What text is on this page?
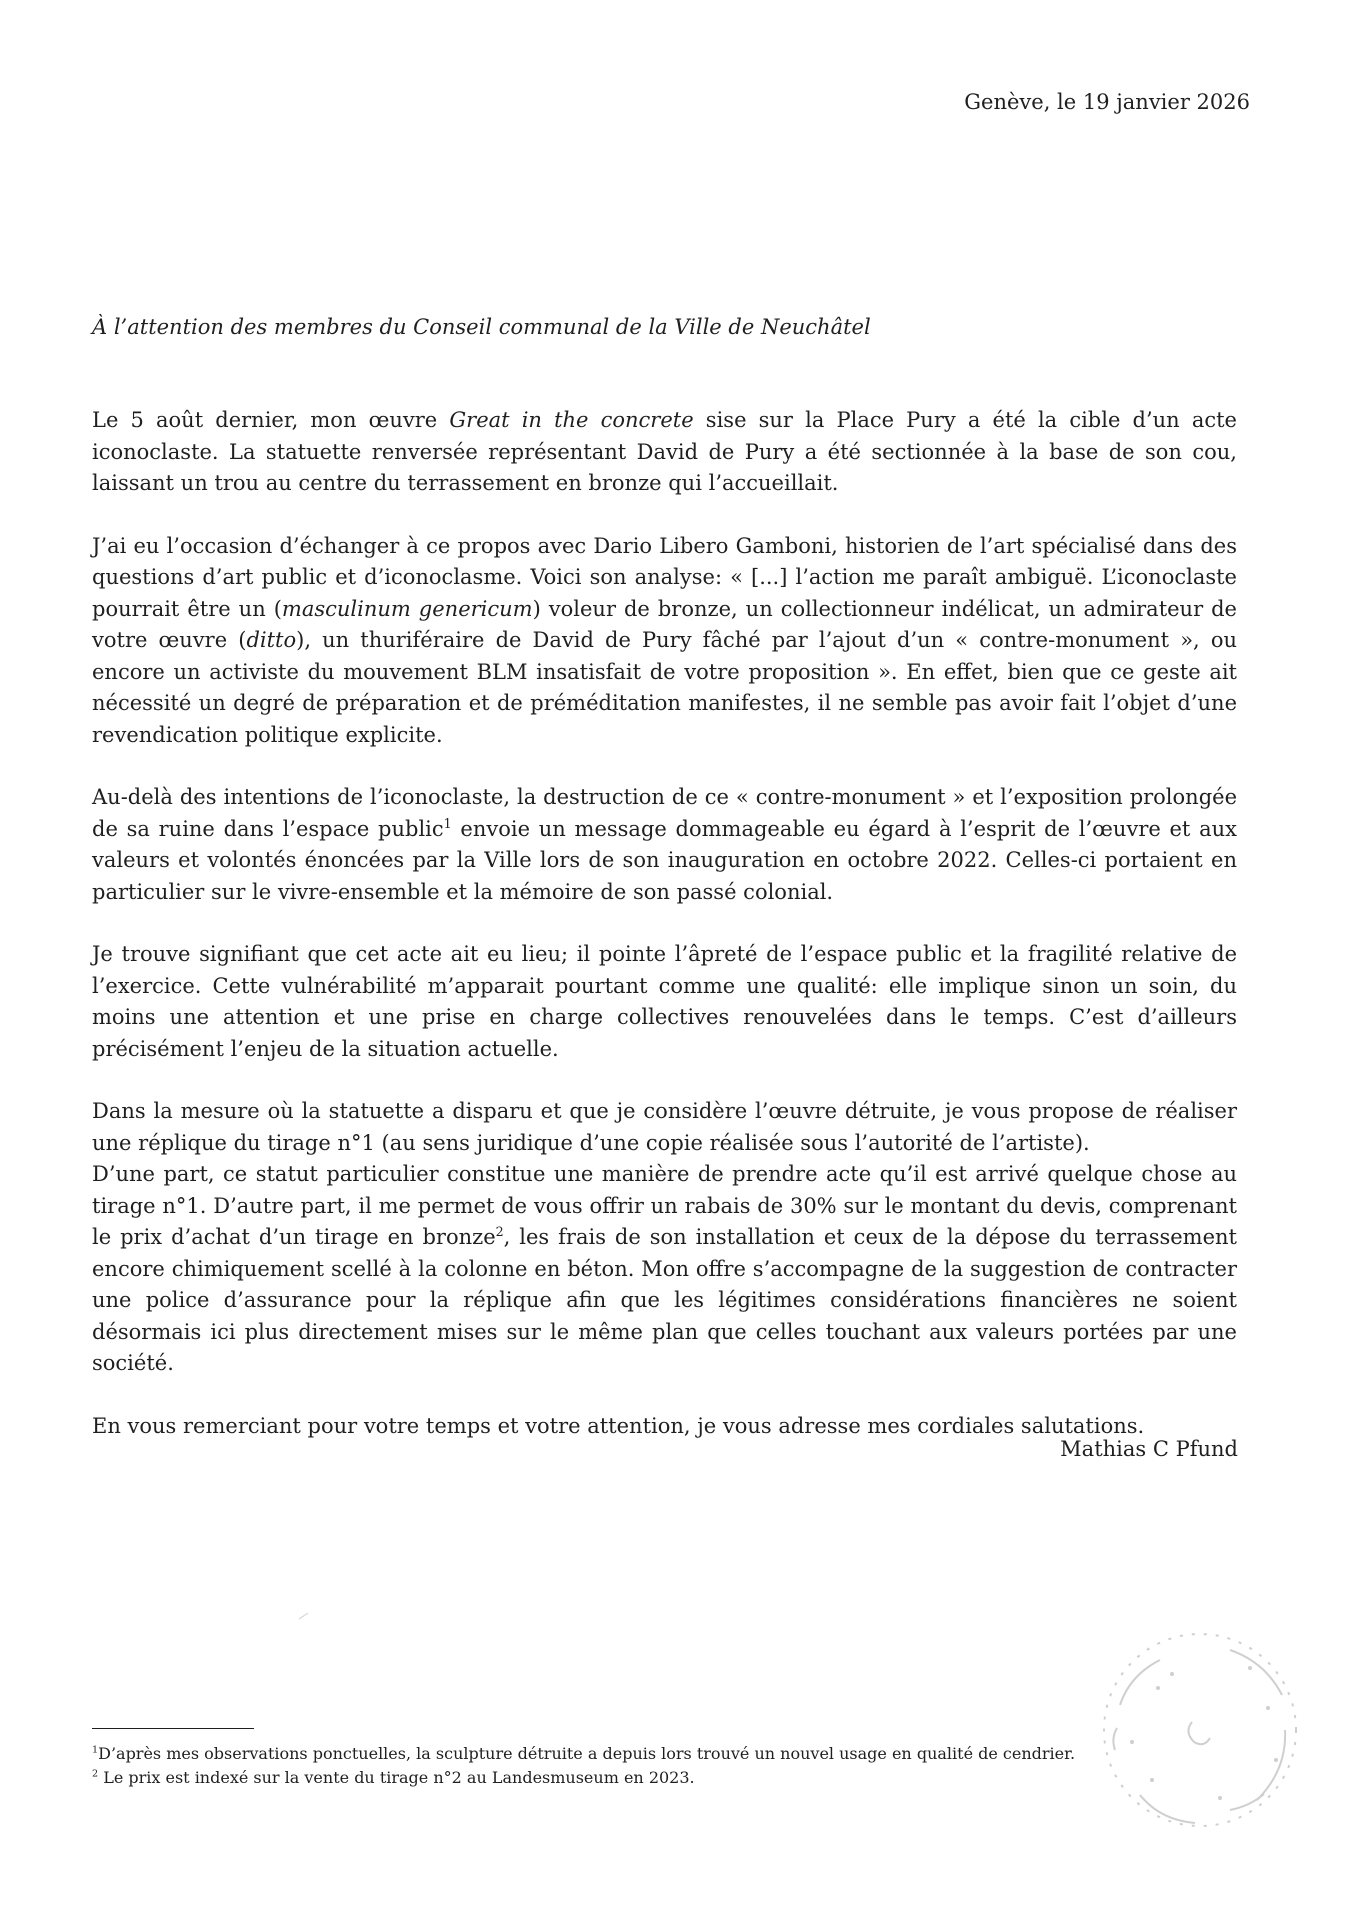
Genève, le 19 janvier 2026
À l’attention des membres du Conseil communal de la Ville de Neuchâtel

Le 5 août dernier, mon œuvre Great in the concrete sise sur la Place Pury a été la cible d’un acte iconoclaste. La statuette renversée représentant David de Pury a été sectionnée à la base de son cou, laissant un trou au centre du terrassement en bronze qui l’accueillait.

J’ai eu l’occasion d’échanger à ce propos avec Dario Libero Gamboni, historien de l’art spécialisé dans des questions d’art public et d’iconoclasme. Voici son analyse: « [...] l’action me paraît ambiguë. L’iconoclaste pourrait être un (masculinum genericum) voleur de bronze, un collectionneur indélicat, un admirateur de votre œuvre (ditto), un thuriféraire de David de Pury fâché par l’ajout d’un « contre-monument », ou encore un activiste du mouvement BLM insatisfait de votre proposition ». En effet, bien que ce geste ait nécessité un degré de préparation et de préméditation manifestes, il ne semble pas avoir fait l’objet d’une revendication politique explicite.

Au-delà des intentions de l’iconoclaste, la destruction de ce « contre-monument » et l’exposition prolongée de sa ruine dans l’espace public$^1$ envoie un message dommageable eu égard à l’esprit de l’œuvre et aux valeurs et volontés énoncées par la Ville lors de son inauguration en octobre 2022. Celles-ci portaient en particulier sur le vivre-ensemble et la mémoire de son passé colonial.

Je trouve signifiant que cet acte ait eu lieu; il pointe l’âpreté de l’espace public et la fragilité relative de l’exercice. Cette vulnérabilité m’apparait pourtant comme une qualité: elle implique sinon un soin, du moins une attention et une prise en charge collectives renouvelées dans le temps. C’est d’ailleurs précisément l’enjeu de la situation actuelle.

Dans la mesure où la statuette a disparu et que je considère l’œuvre détruite, je vous propose de réaliser une réplique du tirage n°1 (au sens juridique d’une copie réalisée sous l’autorité de l’artiste).

D’une part, ce statut particulier constitue une manière de prendre acte qu’il est arrivé quelque chose au tirage n°1. D’autre part, il me permet de vous offrir un rabais de 30% sur le montant du devis, comprenant le prix d’achat d’un tirage en bronze$^2$, les frais de son installation et ceux de la dépose du terrassement encore chimiquement scellé à la colonne en béton. Mon offre s’accompagne de la suggestion de contracter une police d’assurance pour la réplique afin que les légitimes considérations financières ne soient désormais ici plus directement mises sur le même plan que celles touchant aux valeurs portées par une société.

En vous remerciant pour votre temps et votre attention, je vous adresse mes cordiales salutations.

Mathias C Pfund
$^1$D’après mes observations ponctuelles, la sculpture détruite a depuis lors trouvé un nouvel usage en qualité de cendrier.
$^2$ Le prix est indexé sur la vente du tirage n°2 au Landesmuseum en 2023.
